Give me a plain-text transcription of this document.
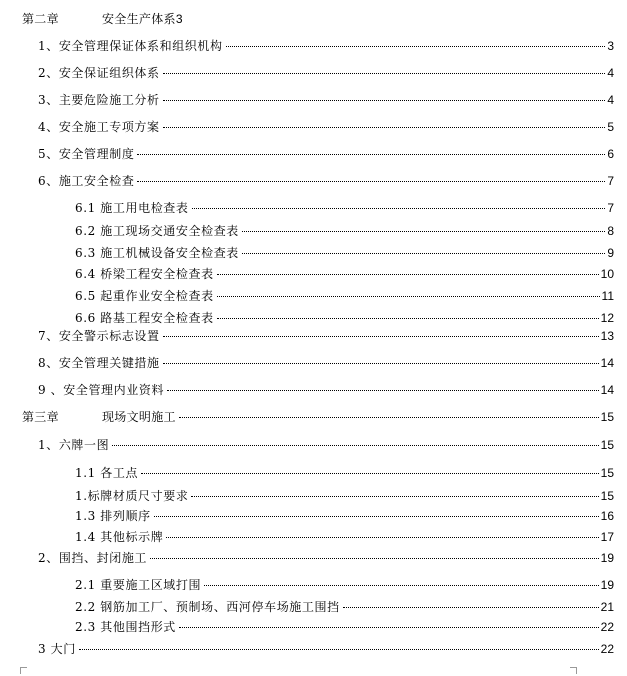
第二章	安全生产体系 3
1、安全管理保证体系和组织机构	3
2、安全保证组织体系	4
3、主要危险施工分析	4
4、安全施工专项方案	5
5、安全管理制度	6
6、施工安全检查	7
6.1 施工用电检查表	7
6.2 施工现场交通安全检查表	8
6.3 施工机械设备安全检查表	9
6.4 桥梁工程安全检查表	10
6.5 起重作业安全检查表	11
6.6 路基工程安全检查表	12
7、安全警示标志设置	13
8、安全管理关键措施	14
9 、安全管理内业资料	14
第三章	现场文明施工	15
1、六牌一图	15
1.1 各工点	15
1.标牌材质尺寸要求	15
1.3 排列顺序	16
1.4 其他标示牌	17
2、围挡、封闭施工	19
2.1 重要施工区域打围	19
2.2 钢筋加工厂、预制场、西河停车场施工围挡	21
2.3 其他围挡形式	22
3 大门	22
